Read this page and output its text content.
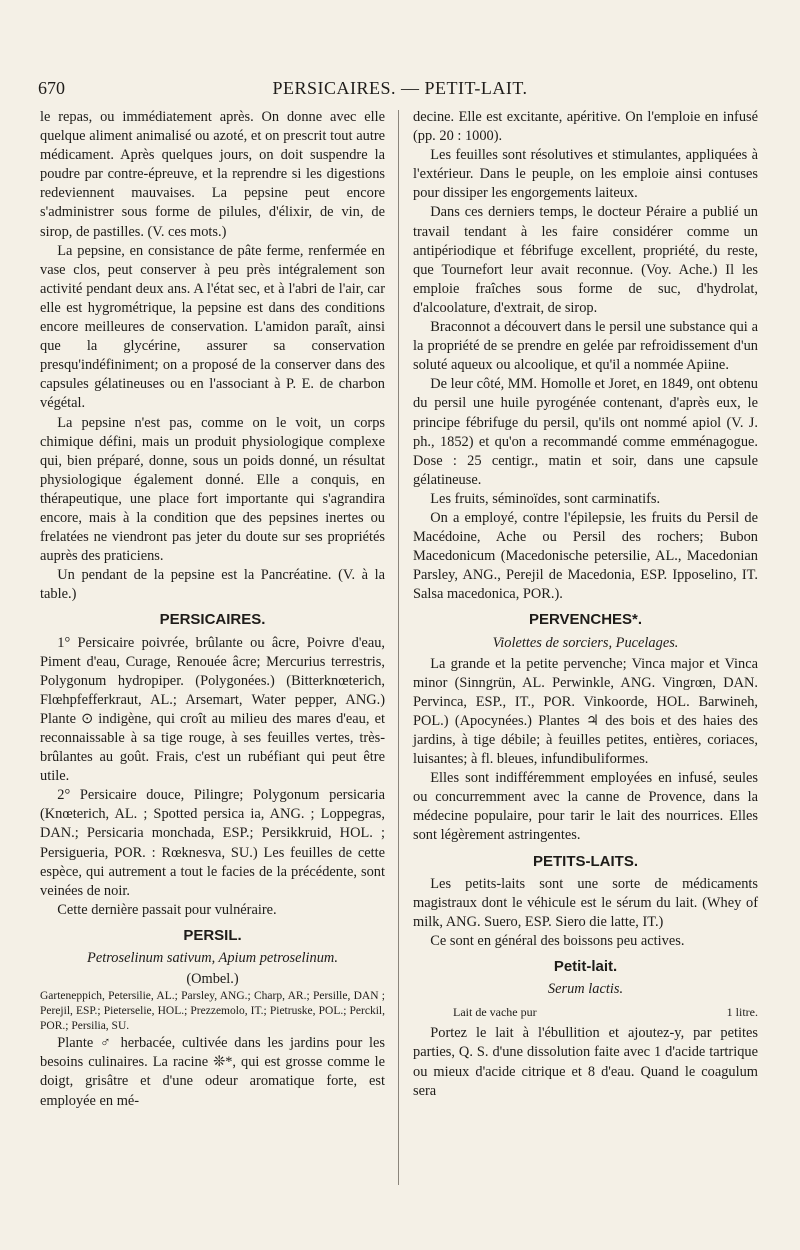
670	PERSICAIRES. — PETIT-LAIT.

le repas, ou immédiatement après. On donne avec elle quelque aliment animalisé ou azoté, et on prescrit tout autre médicament. Après quelques jours, on doit suspendre la poudre par contre-épreuve, et la reprendre si les digestions redeviennent mauvaises. La pepsine peut encore s'administrer sous forme de pilules, d'élixir, de vin, de sirop, de pastilles. (V. ces mots.)

La pepsine, en consistance de pâte ferme, renfermée en vase clos, peut conserver à peu près intégralement son activité pendant deux ans. A l'état sec, et à l'abri de l'air, car elle est hygrométrique, la pepsine est dans des conditions encore meilleures de conservation. L'amidon paraît, ainsi que la glycérine, assurer sa conservation presqu'indéfiniment; on a proposé de la conserver dans des capsules gélatineuses ou en l'associant à P. E. de charbon végétal.

La pepsine n'est pas, comme on le voit, un corps chimique défini, mais un produit physiologique complexe qui, bien préparé, donne, sous un poids donné, un résultat physiologique également donné. Elle a conquis, en thérapeutique, une place fort importante qui s'agrandira encore, mais à la condition que des pepsines inertes ou frelatées ne viendront pas jeter du doute sur ses propriétés auprès des praticiens.

Un pendant de la pepsine est la Pancréatine. (V. à la table.)

PERSICAIRES.

1° Persicaire poivrée, brûlante ou âcre, Poivre d'eau, Piment d'eau, Curage, Renouée âcre; Mercurius terrestris, Polygonum hydropiper. (Polygonées.) (Bitterknœterich, Flœhpfefferkraut, AL.; Arsemart, Water pepper, ANG.) Plante ⊙ indigène, qui croît au milieu des mares d'eau, et reconnaissable à sa tige rouge, à ses feuilles vertes, très-brûlantes au goût. Frais, c'est un rubéfiant qui peut être utile.

2° Persicaire douce, Pilingre; Polygonum persicaria (Knœterich, AL. ; Spotted persica ia, ANG. ; Loppegras, DAN.; Persicaria monchada, ESP.; Persikkruid, HOL. ; Persigueria, POR. : Rœknesva, SU.) Les feuilles de cette espèce, qui autrement a tout le facies de la précédente, sont veinées de noir.

Cette dernière passait pour vulnéraire.

PERSIL.

Petroselinum sativum, Apium petroselinum.

(Ombel.)

Garteneppich, Petersilie, AL.; Parsley, ANG.; Charp, AR.; Persille, DAN ; Perejil, ESP.; Pieterselie, HOL.; Prezzemolo, IT.; Pietruske, POL.; Perckil, POR.; Persilia, SU.

Plante ♂ herbacée, cultivée dans les jardins pour les besoins culinaires. La racine ❊*, qui est grosse comme le doigt, grisâtre et d'une odeur aromatique forte, est employée en mé-

decine. Elle est excitante, apéritive. On l'emploie en infusé (pp. 20 : 1000).

Les feuilles sont résolutives et stimulantes, appliquées à l'extérieur. Dans le peuple, on les emploie ainsi contuses pour dissiper les engorgements laiteux.

Dans ces derniers temps, le docteur Péraire a publié un travail tendant à les faire considérer comme un antipériodique et fébrifuge excellent, propriété, du reste, que Tournefort leur avait reconnue. (Voy. Ache.) Il les emploie fraîches sous forme de suc, d'hydrolat, d'alcoolature, d'extrait, de sirop.

Braconnot a découvert dans le persil une substance qui a la propriété de se prendre en gelée par refroidissement d'un soluté aqueux ou alcoolique, et qu'il a nommée Apiine.

De leur côté, MM. Homolle et Joret, en 1849, ont obtenu du persil une huile pyrogénée contenant, d'après eux, le principe fébrifuge du persil, qu'ils ont nommé apiol (V. J. ph., 1852) et qu'on a recommandé comme emménagogue. Dose : 25 centigr., matin et soir, dans une capsule gélatineuse.

Les fruits, séminoïdes, sont carminatifs.

On a employé, contre l'épilepsie, les fruits du Persil de Macédoine, Ache ou Persil des rochers; Bubon Macedonicum (Macedonische petersilie, AL., Macedonian Parsley, ANG., Perejil de Macedonia, ESP. Ipposelino, IT. Salsa macedonica, POR.).

PERVENCHES*.

Violettes de sorciers, Pucelages.

La grande et la petite pervenche; Vinca major et Vinca minor (Sinngrün, AL. Perwinkle, ANG. Vingrœn, DAN. Pervinca, ESP., IT., POR. Vinkoorde, HOL. Barwineh, POL.) (Apocynées.) Plantes ♃ des bois et des haies des jardins, à tige débile; à feuilles petites, entières, coriaces, luisantes; à fl. bleues, infundibuliformes.

Elles sont indifféremment employées en infusé, seules ou concurremment avec la canne de Provence, dans la médecine populaire, pour tarir le lait des nourrices. Elles sont légèrement astringentes.

PETITS-LAITS.

Les petits-laits sont une sorte de médicaments magistraux dont le véhicule est le sérum du lait. (Whey of milk, ANG. Suero, ESP. Siero die latte, IT.)

Ce sont en général des boissons peu actives.

Petit-lait.

Serum lactis.

Lait de vache pur	1 litre.

Portez le lait à l'ébullition et ajoutez-y, par petites parties, Q. S. d'une dissolution faite avec 1 d'acide tartrique ou mieux d'acide citrique et 8 d'eau. Quand le coagulum sera
